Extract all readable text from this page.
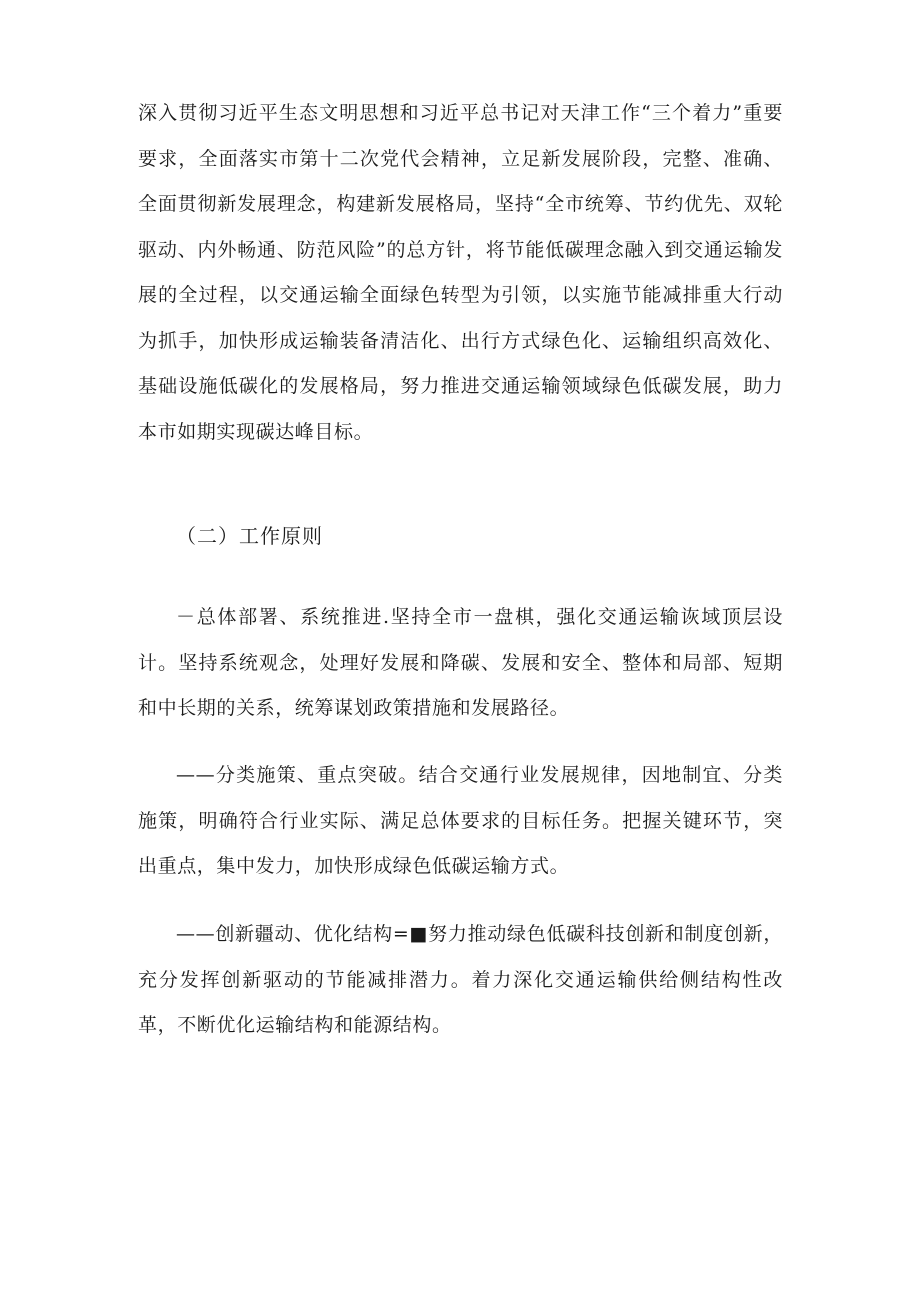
深入贯彻习近平生态文明思想和习近平总书记对天津工作“三个着力”重要要求，全面落实市第十二次党代会精神，立足新发展阶段，完整、准确、全面贯彻新发展理念，构建新发展格局，坚持“全市统筹、节约优先、双轮驱动、内外畅通、防范风险”的总方针，将节能低碳理念融入到交通运输发展的全过程，以交通运输全面绿色转型为引领，以实施节能减排重大行动为抓手，加快形成运输装备清洁化、出行方式绿色化、运输组织高效化、基础设施低碳化的发展格局，努力推进交通运输领域绿色低碳发展，助力本市如期实现碳达峰目标。

（二）工作原则

－总体部署、系统推进.坚持全市一盘棋，强化交通运输诙域顶层设计。坚持系统观念，处理好发展和降碳、发展和安全、整体和局部、短期和中长期的关系，统筹谋划政策措施和发展路径。

——分类施策、重点突破。结合交通行业发展规律，因地制宜、分类施策，明确符合行业实际、满足总体要求的目标任务。把握关键环节，突出重点，集中发力，加快形成绿色低碳运输方式。

——创新疆动、优化结构=■努力推动绿色低碳科技创新和制度创新，充分发挥创新驱动的节能减排潜力。着力深化交通运输供给侧结构性改革，不断优化运输结构和能源结构。
